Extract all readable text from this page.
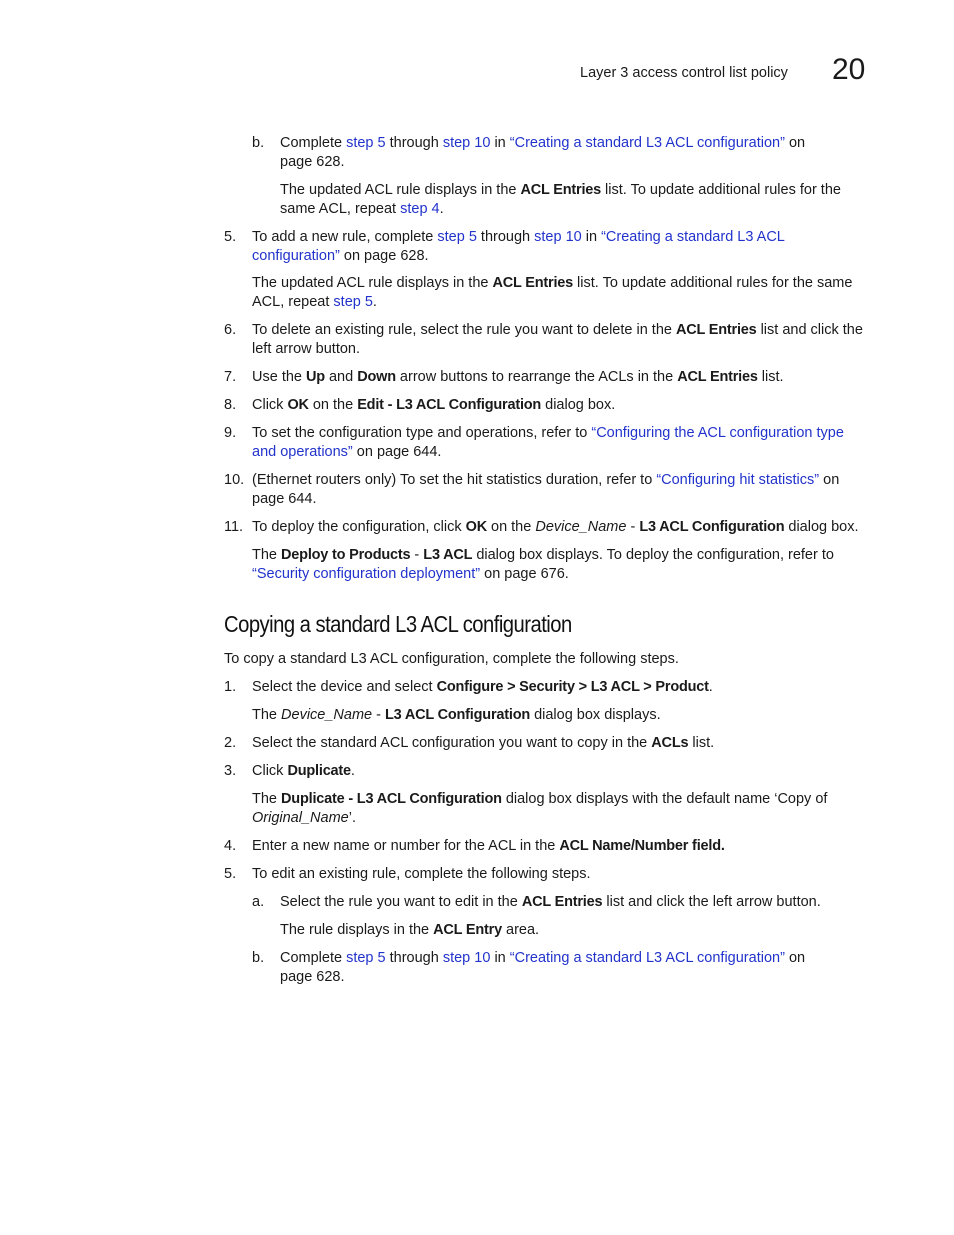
Layer 3 access control list policy 20
b. Complete step 5 through step 10 in “Creating a standard L3 ACL configuration” on
page 628.
The updated ACL rule displays in the ACL Entries list. To update additional rules for the
same ACL, repeat step 4.
5. To add a new rule, complete step 5 through step 10 in “Creating a standard L3 ACL
configuration” on page 628.
The updated ACL rule displays in the ACL Entries list. To update additional rules for the same
ACL, repeat step 5.
6. To delete an existing rule, select the rule you want to delete in the ACL Entries list and click the
left arrow button.
7. Use the Up and Down arrow buttons to rearrange the ACLs in the ACL Entries list.
8. Click OK on the Edit - L3 ACL Configuration dialog box.
9. To set the configuration type and operations, refer to “Configuring the ACL configuration type
and operations” on page 644.
10. (Ethernet routers only) To set the hit statistics duration, refer to “Configuring hit statistics” on
page 644.
11. To deploy the configuration, click OK on the Device_Name - L3 ACL Configuration dialog box.
The Deploy to Products - L3 ACL dialog box displays. To deploy the configuration, refer to
“Security configuration deployment” on page 676.
Copying a standard L3 ACL configuration
To copy a standard L3 ACL configuration, complete the following steps.
1. Select the device and select Configure > Security > L3 ACL > Product.
The Device_Name - L3 ACL Configuration dialog box displays.
2. Select the standard ACL configuration you want to copy in the ACLs list.
3. Click Duplicate.
The Duplicate - L3 ACL Configuration dialog box displays with the default name ‘Copy of
Original_Name’.
4. Enter a new name or number for the ACL in the ACL Name/Number field.
5. To edit an existing rule, complete the following steps.
a. Select the rule you want to edit in the ACL Entries list and click the left arrow button.
The rule displays in the ACL Entry area.
b. Complete step 5 through step 10 in “Creating a standard L3 ACL configuration” on
page 628.
